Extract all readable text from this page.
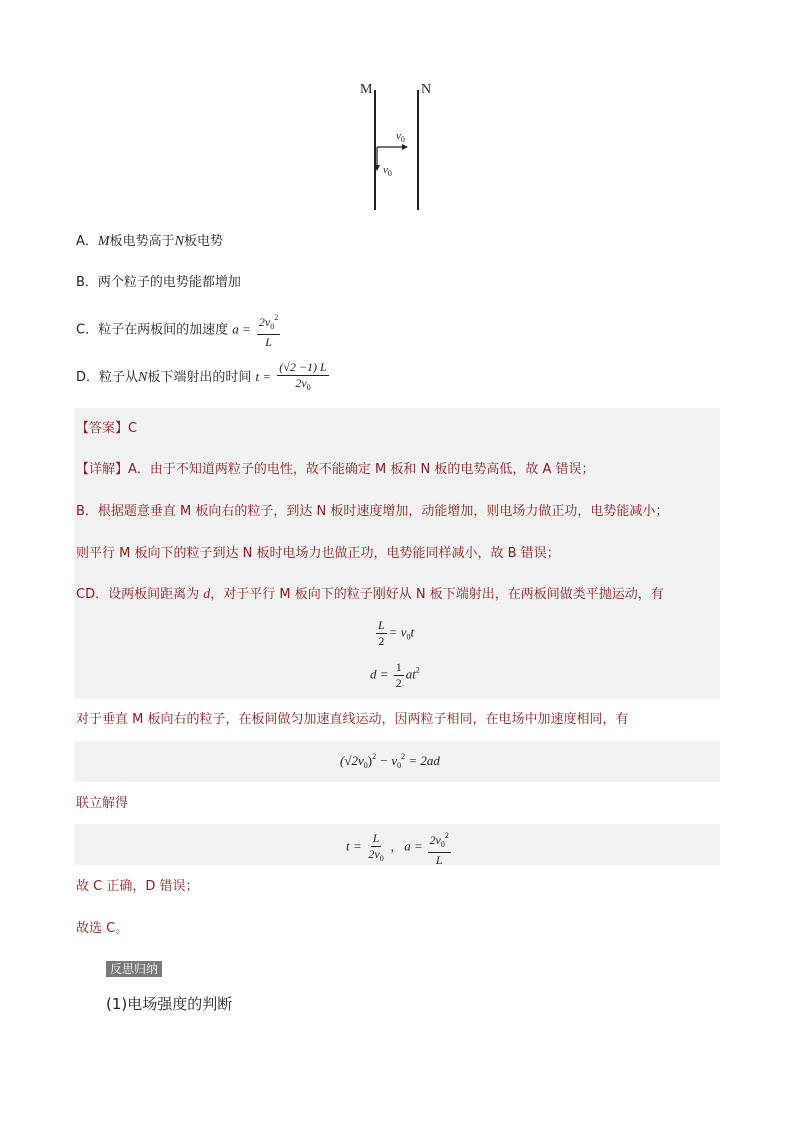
M	N
$v_0$
$v_0$
A．M板电势高于N板电势
B．两个粒子的电势能都增加
C．粒子在两板间的加速度 $a = \frac{2v_0^2}{L}$
D．粒子从N板下端射出的时间 $t = \frac{(√2 -1) L}{2v_0}$
【答案】C
【详解】A．由于不知道两粒子的电性，故不能确定 M 板和 N 板的电势高低，故 A 错误；
B．根据题意垂直 M 板向右的粒子，到达 N 板时速度增加，动能增加，则电场力做正功，电势能减小；
则平行 M 板向下的粒子到达 N 板时电场力也做正功，电势能同样减小，故 B 错误；
CD．设两板间距离为 d，对于平行 M 板向下的粒子刚好从 N 板下端射出，在两板间做类平抛运动，有
$\frac{L}{2} = v_0t$
$d = \frac{1}{2} at^2$
对于垂直 M 板向右的粒子，在板间做匀加速直线运动，因两粒子相同，在电场中加速度相同，有
$(√2v_0)^2 - v_0^2 = 2ad$
联立解得
$t = \frac{L}{2v_0}$ ， $a = \frac{2v_0^2}{L}$
故 C 正确，D 错误；
故选 C。
反思归纳
(1)电场强度的判断
